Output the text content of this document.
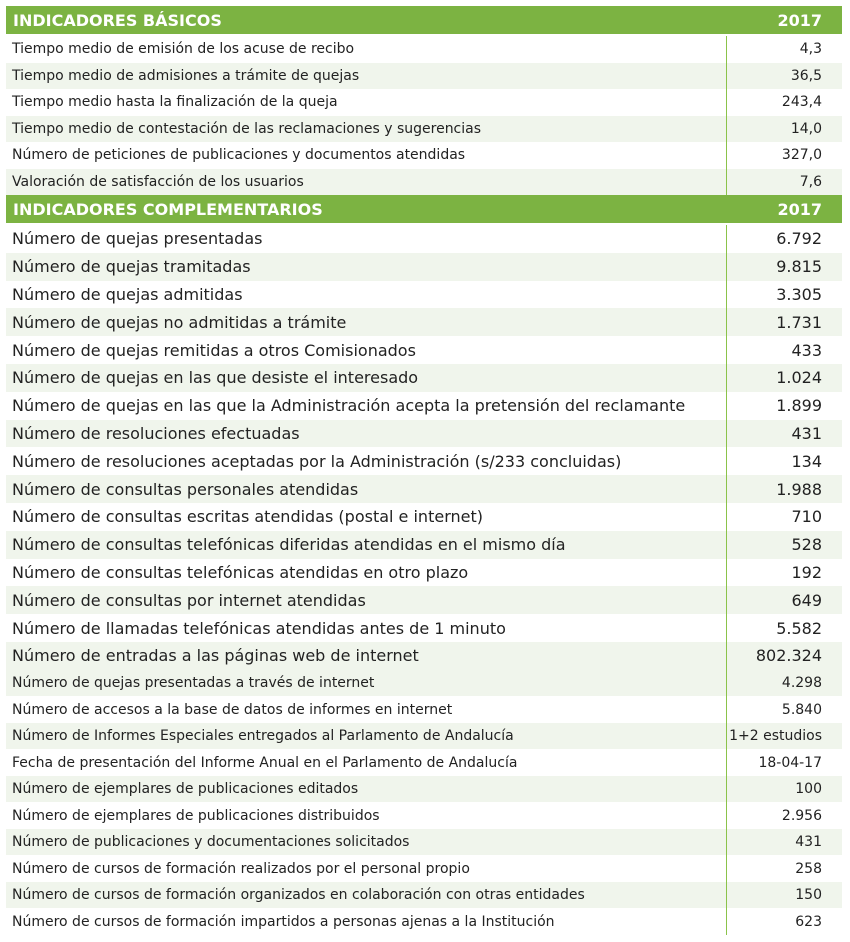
INDICADORES BÁSICOS	2017
Tiempo medio de emisión de los acuse de recibo	4,3
Tiempo medio de admisiones a trámite de quejas	36,5
Tiempo medio hasta la finalización de la queja	243,4
Tiempo medio de contestación de las reclamaciones y sugerencias	14,0
Número de peticiones de publicaciones y documentos atendidas	327,0
Valoración de satisfacción de los usuarios	7,6
INDICADORES COMPLEMENTARIOS	2017
Número de quejas presentadas	6.792
Número de quejas tramitadas	9.815
Número de quejas admitidas	3.305
Número de quejas no admitidas a trámite	1.731
Número de quejas remitidas a otros Comisionados	433
Número de quejas en las que desiste el interesado	1.024
Número de quejas en las que la Administración acepta la pretensión del reclamante	1.899
Número de resoluciones efectuadas	431
Número de resoluciones aceptadas por la Administración (s/233 concluidas)	134
Número de consultas personales atendidas	1.988
Número de consultas escritas atendidas (postal e internet)	710
Número de consultas telefónicas diferidas atendidas en el mismo día	528
Número de consultas telefónicas atendidas en otro plazo	192
Número de consultas por internet atendidas	649
Número de llamadas telefónicas atendidas antes de 1 minuto	5.582
Número de entradas a las páginas web de internet	802.324
Número de quejas presentadas a través de internet	4.298
Número de accesos a la base de datos de informes en internet	5.840
Número de Informes Especiales entregados al Parlamento de Andalucía	1+2 estudios
Fecha de presentación del Informe Anual en el Parlamento de Andalucía	18-04-17
Número de ejemplares de publicaciones editados	100
Número de ejemplares de publicaciones distribuidos	2.956
Número de publicaciones y documentaciones solicitados	431
Número de cursos de formación realizados por el personal propio	258
Número de cursos de formación organizados en colaboración con otras entidades	150
Número de cursos de formación impartidos a personas ajenas a la Institución	623
